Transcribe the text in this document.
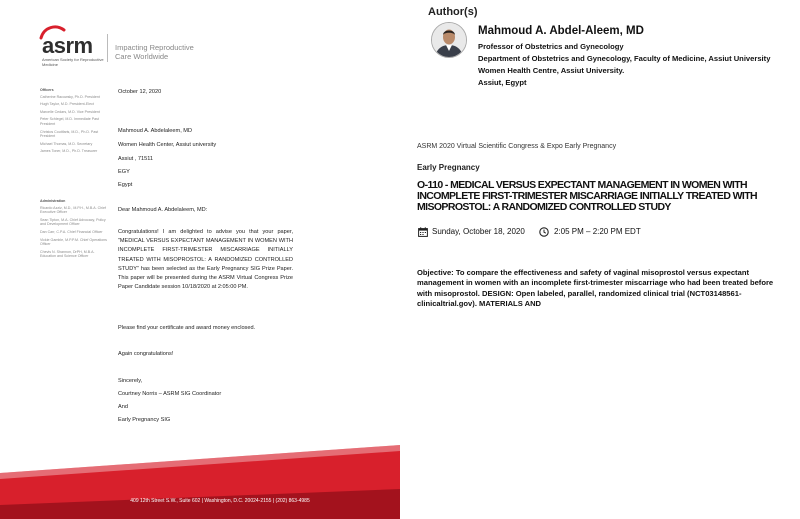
asrm
American Society for Reproductive Medicine
Impacting Reproductive Care Worldwide
Officers
Catherine Racowsky, Ph.D. President
Hugh Taylor, M.D. President-Elect
Marcelle Cedars, M.D. Vice President
Peter Schlegel, M.D. Immediate Past President
Christos Coutifaris, M.D., Ph.D. Past President
Michael Thomas, M.D. Secretary
James Toner, M.D., Ph.D. Treasurer
Administration
Ricardo Azziz, M.D., M.P.H., M.B.A. Chief Executive Officer
Sean Tipton, M.A. Chief Advocacy, Policy and Development Officer
Dan Carr, C.P.A. Chief Financial Officer
Vickie Gamble, M.P.P.M. Chief Operations Officer
Chevis N. Shannon, DrPH, M.B.A. Education and Science Officer
October 12, 2020
Mahmoud A. Abdelaleem, MD
Women Health Center, Assiut university
Assiut , 71511
EGY
Egypt
Dear Mahmoud A. Abdelaleem, MD:
Congratulations! I am delighted to advise you that your paper, “MEDICAL VERSUS EXPECTANT MANAGEMENT IN WOMEN WITH INCOMPLETE FIRST-TRIMESTER MISCARRIAGE INITIALLY TREATED WITH MISOPROSTOL: A RANDOMIZED CONTROLLED STUDY” has been selected as the Early Pregnancy SIG Prize Paper. This paper will be presented during the ASRM Virtual Congress Prize Paper Candidate session 10/18/2020 at 2:05:00 PM.
Please find your certificate and award money enclosed.
Again congratulations!
Sincerely,
Courtney Norris – ASRM SIG Coordinator
And
Early Pregnancy SIG
409 12th Street S.W., Suite 602 | Washington, D.C. 20024-2155 | (202) 863-4985
Author(s)
Mahmoud A. Abdel-Aleem, MD
Professor of Obstetrics and Gynecology
Department of Obstetrics and Gynecology, Faculty of Medicine, Assiut University
Women Health Centre, Assiut University.
Assiut, Egypt
ASRM 2020 Virtual Scientific Congress & Expo Early Pregnancy
Early Pregnancy
O-110 - MEDICAL VERSUS EXPECTANT MANAGEMENT IN WOMEN WITH INCOMPLETE FIRST-TRIMESTER MISCARRIAGE INITIALLY TREATED WITH MISOPROSTOL: A RANDOMIZED CONTROLLED STUDY
Sunday, October 18, 2020	2:05 PM – 2:20 PM EDT
Objective: To compare the effectiveness and safety of vaginal misoprostol versus expectant management in women with an incomplete first-trimester miscarriage who had been treated before with misoprostol. DESIGN: Open labeled, parallel, randomized clinical trial (NCT03148561-clinicaltrial.gov). MATERIALS AND
